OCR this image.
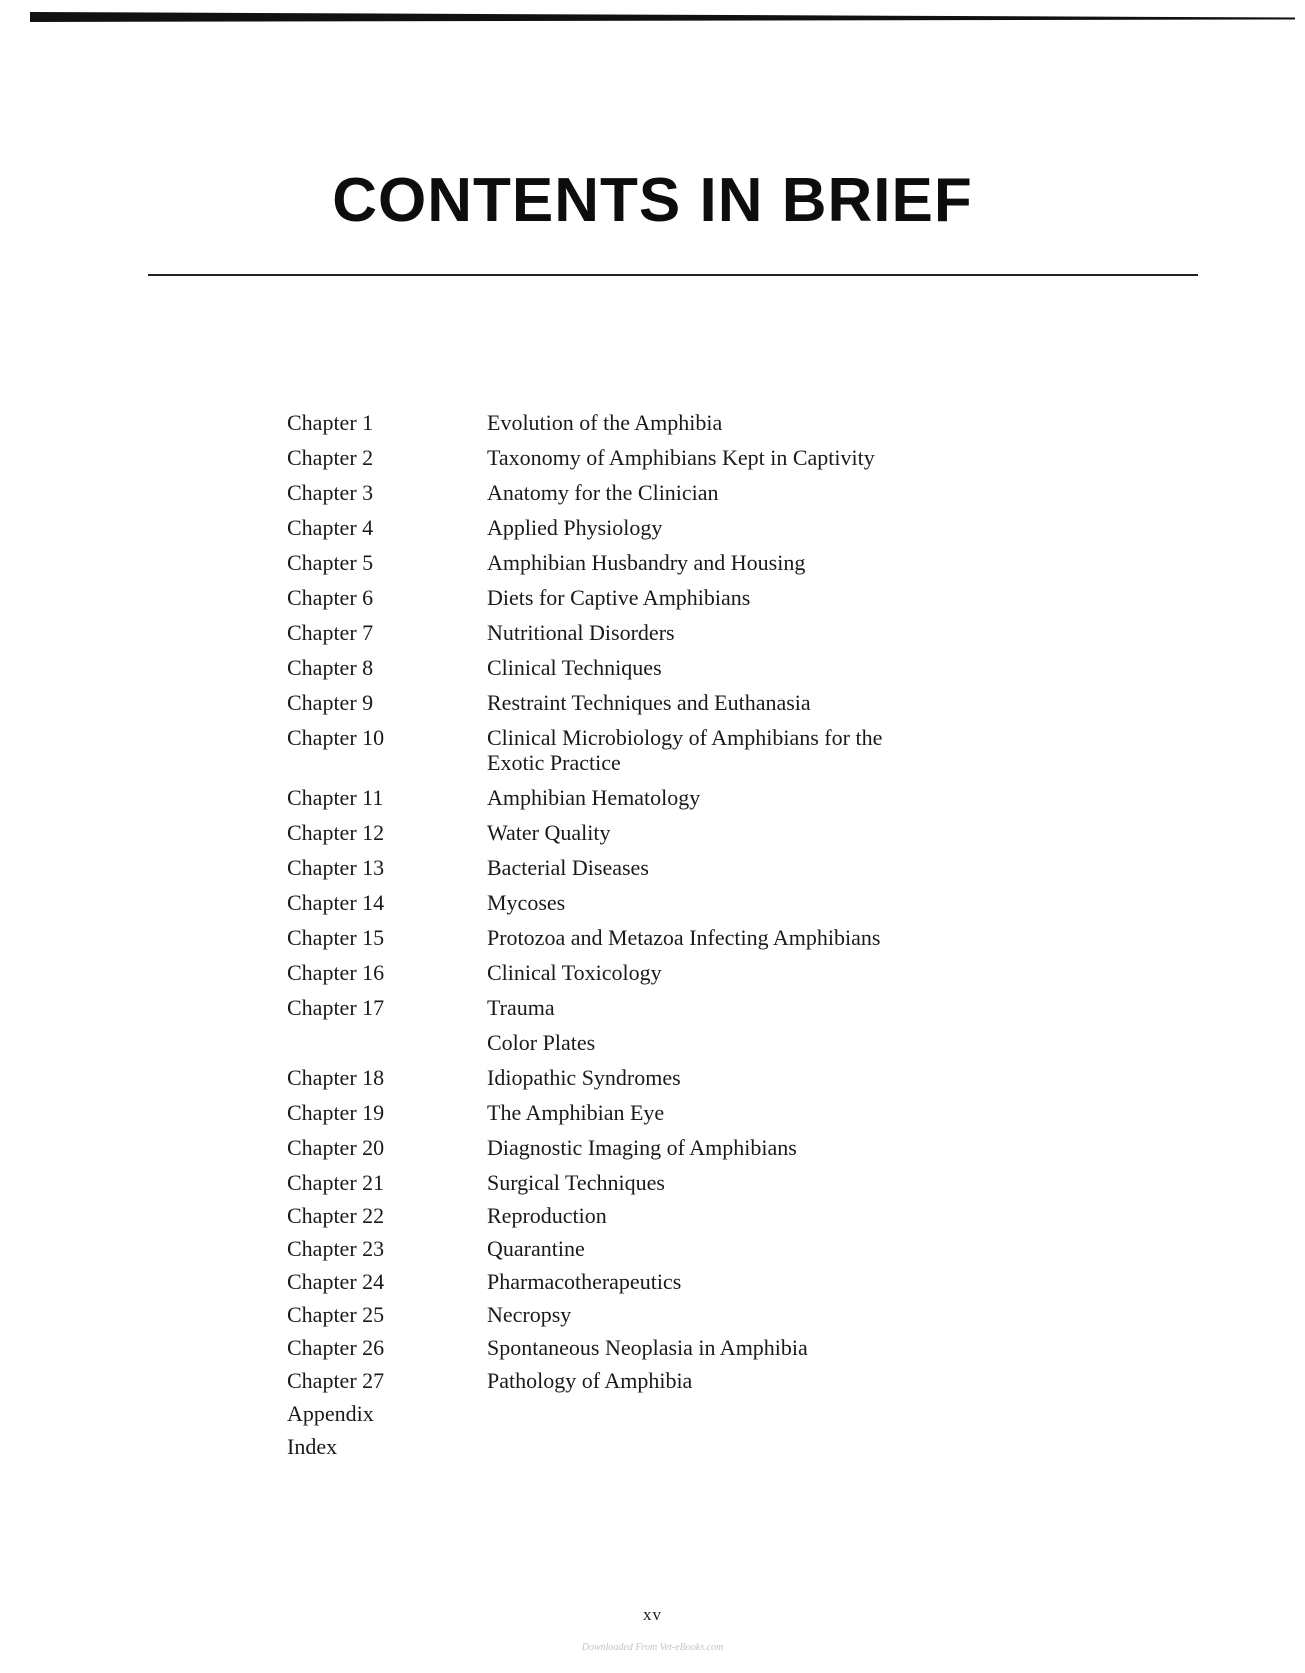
CONTENTS IN BRIEF
Chapter 1	Evolution of the Amphibia
Chapter 2	Taxonomy of Amphibians Kept in Captivity
Chapter 3	Anatomy for the Clinician
Chapter 4	Applied Physiology
Chapter 5	Amphibian Husbandry and Housing
Chapter 6	Diets for Captive Amphibians
Chapter 7	Nutritional Disorders
Chapter 8	Clinical Techniques
Chapter 9	Restraint Techniques and Euthanasia
Chapter 10	Clinical Microbiology of Amphibians for the Exotic Practice
Chapter 11	Amphibian Hematology
Chapter 12	Water Quality
Chapter 13	Bacterial Diseases
Chapter 14	Mycoses
Chapter 15	Protozoa and Metazoa Infecting Amphibians
Chapter 16	Clinical Toxicology
Chapter 17	Trauma
Color Plates
Chapter 18	Idiopathic Syndromes
Chapter 19	The Amphibian Eye
Chapter 20	Diagnostic Imaging of Amphibians
Chapter 21	Surgical Techniques
Chapter 22	Reproduction
Chapter 23	Quarantine
Chapter 24	Pharmacotherapeutics
Chapter 25	Necropsy
Chapter 26	Spontaneous Neoplasia in Amphibia
Chapter 27	Pathology of Amphibia
Appendix
Index
xv
Downloaded From Vet-eBooks.com
